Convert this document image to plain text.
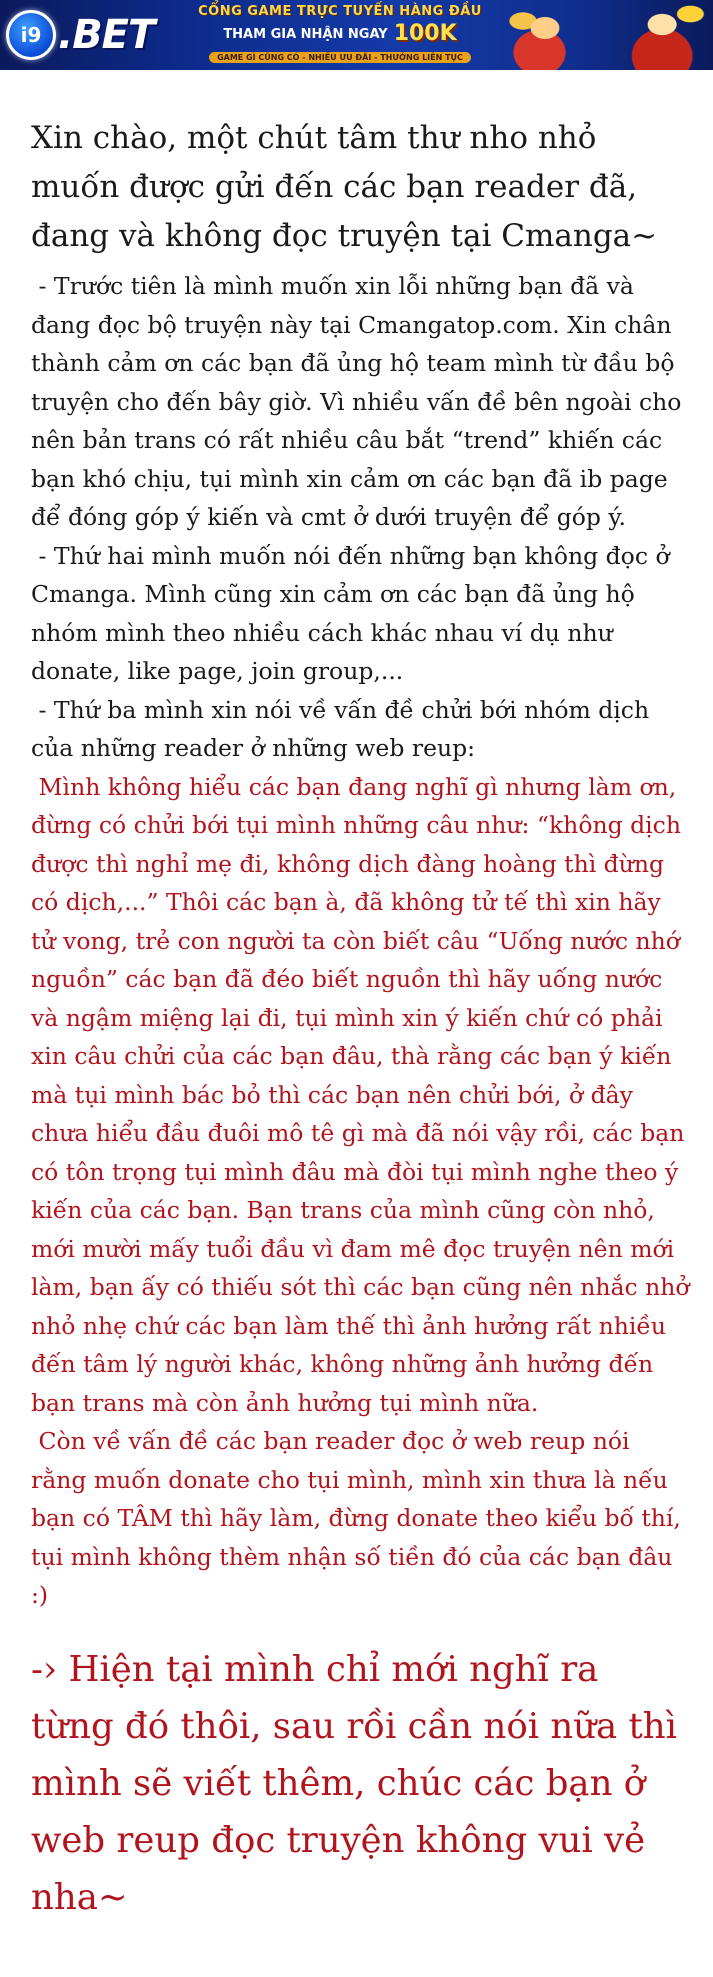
i9 .BET
CỔNG GAME TRỰC TUYẾN HÀNG ĐẦU
THAM GIA NHẬN NGAY 100K
GAME GÌ CŨNG CÓ - NHIỀU ƯU ĐÃI - THƯỞNG LIÊN TỤC
Xin chào, một chút tâm thư nho nhỏ muốn được gửi đến các bạn reader đã, đang và không đọc truyện tại Cmanga~

- Trước tiên là mình muốn xin lỗi những bạn đã và đang đọc bộ truyện này tại Cmangatop.com. Xin chân thành cảm ơn các bạn đã ủng hộ team mình từ đầu bộ truyện cho đến bây giờ. Vì nhiều vấn đề bên ngoài cho nên bản trans có rất nhiều câu bắt “trend” khiến các bạn khó chịu, tụi mình xin cảm ơn các bạn đã ib page để đóng góp ý kiến và cmt ở dưới truyện để góp ý.

- Thứ hai mình muốn nói đến những bạn không đọc ở Cmanga. Mình cũng xin cảm ơn các bạn đã ủng hộ nhóm mình theo nhiều cách khác nhau ví dụ như donate, like page, join group,...

- Thứ ba mình xin nói về vấn đề chửi bới nhóm dịch của những reader ở những web reup:

Mình không hiểu các bạn đang nghĩ gì nhưng làm ơn, đừng có chửi bới tụi mình những câu như: “không dịch được thì nghỉ mẹ đi, không dịch đàng hoàng thì đừng có dịch,...” Thôi các bạn à, đã không tử tế thì xin hãy tử vong, trẻ con người ta còn biết câu “Uống nước nhớ nguồn” các bạn đã đéo biết nguồn thì hãy uống nước và ngậm miệng lại đi, tụi mình xin ý kiến chứ có phải xin câu chửi của các bạn đâu, thà rằng các bạn ý kiến mà tụi mình bác bỏ thì các bạn nên chửi bới, ở đây chưa hiểu đầu đuôi mô tê gì mà đã nói vậy rồi, các bạn có tôn trọng tụi mình đâu mà đòi tụi mình nghe theo ý kiến của các bạn. Bạn trans của mình cũng còn nhỏ, mới mười mấy tuổi đầu vì đam mê đọc truyện nên mới làm, bạn ấy có thiếu sót thì các bạn cũng nên nhắc nhở nhỏ nhẹ chứ các bạn làm thế thì ảnh hưởng rất nhiều đến tâm lý người khác, không những ảnh hưởng đến bạn trans mà còn ảnh hưởng tụi mình nữa.

Còn về vấn đề các bạn reader đọc ở web reup nói rằng muốn donate cho tụi mình, mình xin thưa là nếu bạn có TÂM thì hãy làm, đừng donate theo kiểu bố thí, tụi mình không thèm nhận số tiền đó của các bạn đâu :)

-› Hiện tại mình chỉ mới nghĩ ra từng đó thôi, sau rồi cần nói nữa thì mình sẽ viết thêm, chúc các bạn ở web reup đọc truyện không vui vẻ nha~
